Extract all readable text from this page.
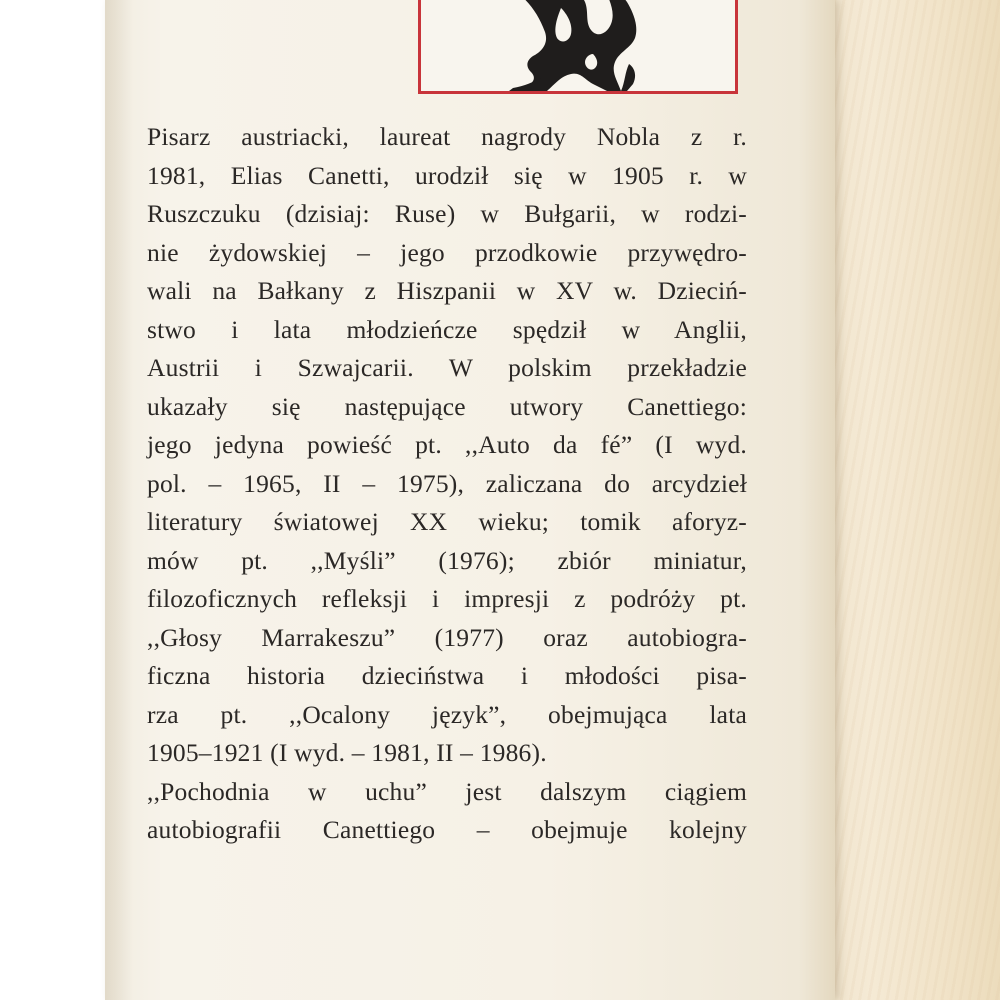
Pisarz austriacki, laureat nagrody Nobla z r.
1981, Elias Canetti, urodził się w 1905 r. w
Ruszczuku (dzisiaj: Ruse) w Bułgarii, w rodzi-
nie żydowskiej – jego przodkowie przywędro-
wali na Bałkany z Hiszpanii w XV w. Dzieciń-
stwo i lata młodzieńcze spędził w Anglii,
Austrii i Szwajcarii. W polskim przekładzie
ukazały się następujące utwory Canettiego:
jego jedyna powieść pt. ,,Auto da fé” (I wyd.
pol. – 1965, II – 1975), zaliczana do arcydzieł
literatury światowej XX wieku; tomik aforyz-
mów pt. ,,Myśli” (1976); zbiór miniatur,
filozoficznych refleksji i impresji z podróży pt.
,,Głosy Marrakeszu” (1977) oraz autobiogra-
ficzna historia dzieciństwa i młodości pisa-
rza pt. ,,Ocalony język”, obejmująca lata
1905–1921 (I wyd. – 1981, II – 1986).
,,Pochodnia w uchu” jest dalszym ciągiem
autobiografii Canettiego – obejmuje kolejny
